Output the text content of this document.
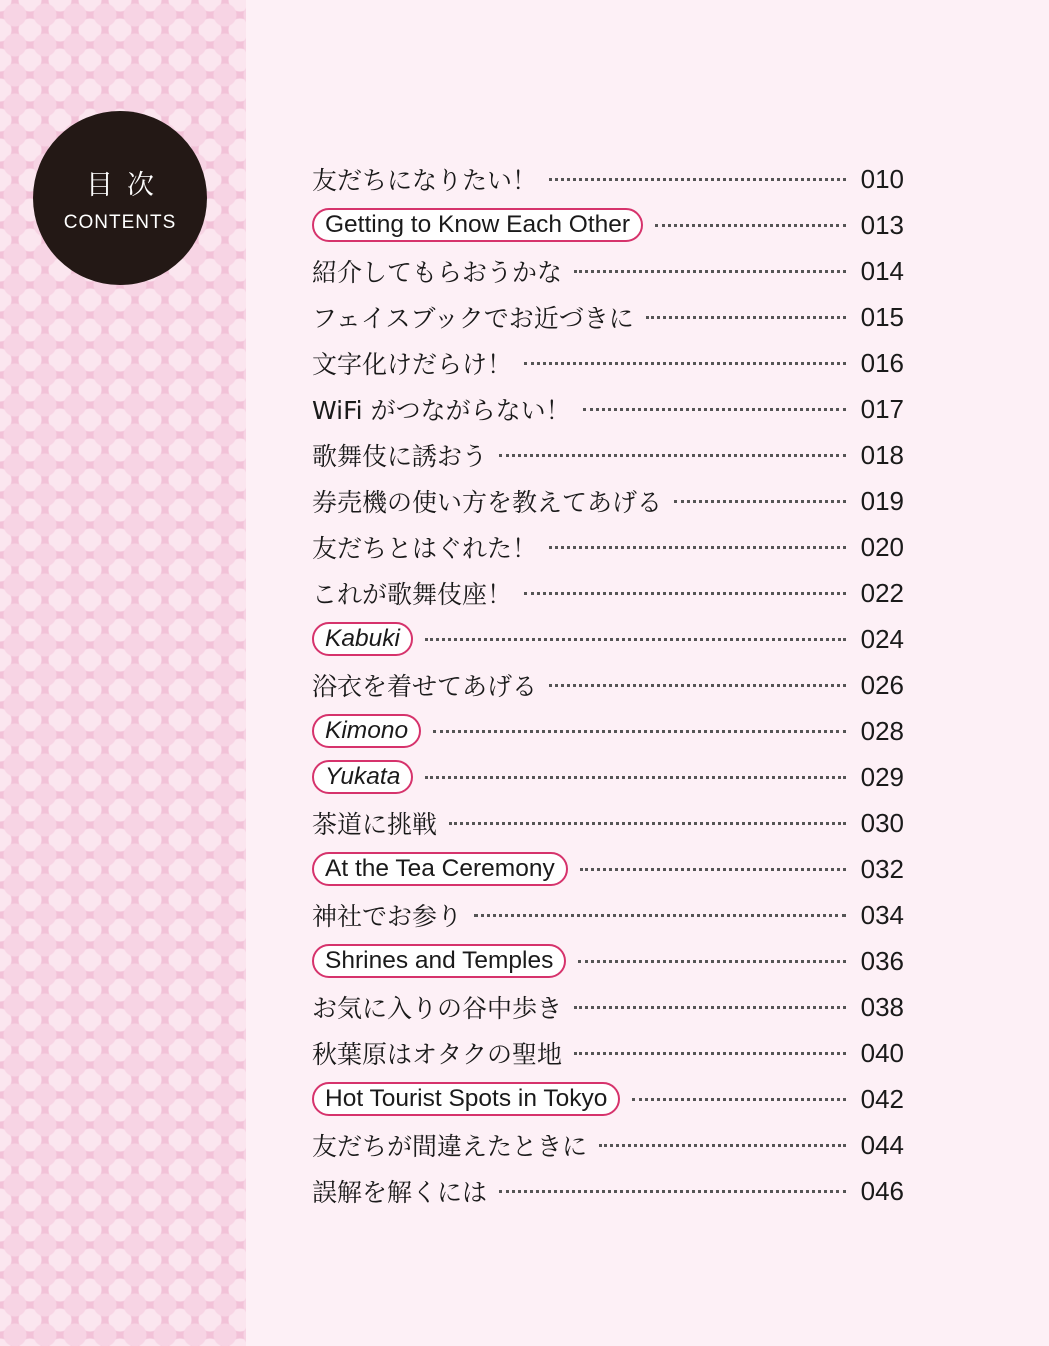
目次
CONTENTS
友だちになりたい！	010
Getting to Know Each Other	013
紹介してもらおうかな	014
フェイスブックでお近づきに	015
文字化けだらけ！	016
WiFi がつながらない！	017
歌舞伎に誘おう	018
券売機の使い方を教えてあげる	019
友だちとはぐれた！	020
これが歌舞伎座！	022
Kabuki	024
浴衣を着せてあげる	026
Kimono	028
Yukata	029
茶道に挑戦	030
At the Tea Ceremony	032
神社でお参り	034
Shrines and Temples	036
お気に入りの谷中歩き	038
秋葉原はオタクの聖地	040
Hot Tourist Spots in Tokyo	042
友だちが間違えたときに	044
誤解を解くには	046
